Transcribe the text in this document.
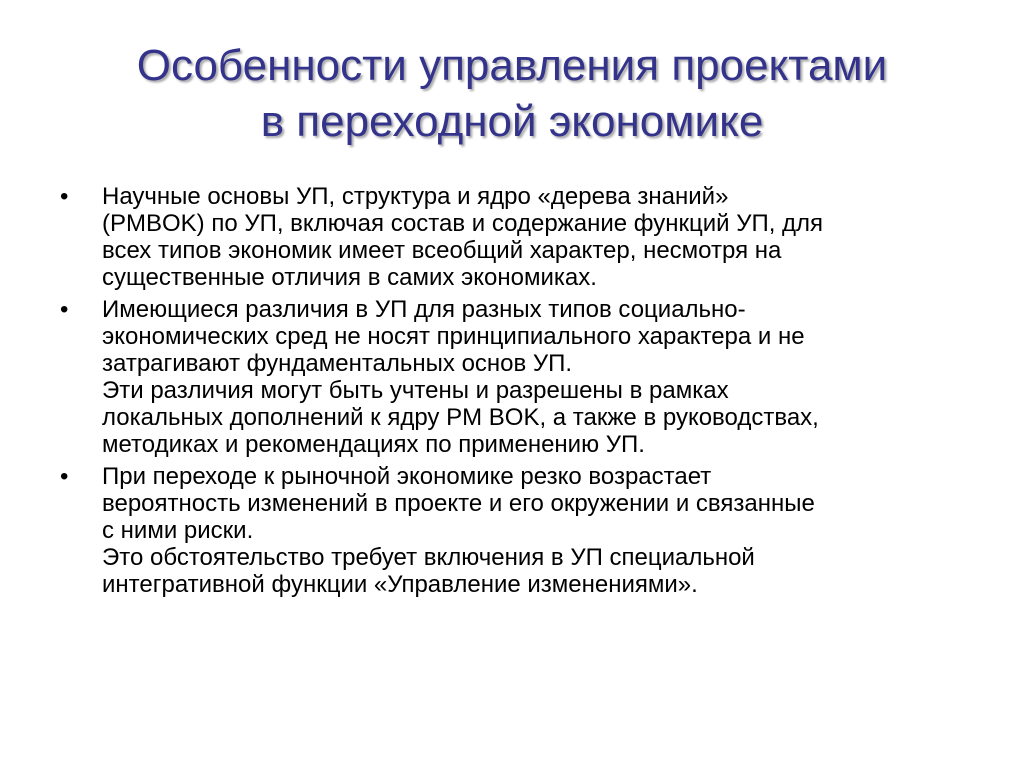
Особенности управления проектами
в переходной экономике
• Научные основы УП, структура и ядро «дерева знаний»
(PMBOK) по УП, включая состав и содержание функций УП, для
всех типов экономик имеет всеобщий характер, несмотря на
существенные отличия в самих экономиках.
• Имеющиеся различия в УП для разных типов социально-
экономических сред не носят принципиального характера и не
затрагивают фундаментальных основ УП.
Эти различия могут быть учтены и разрешены в рамках
локальных дополнений к ядру PM BOK, а также в руководствах,
методиках и рекомендациях по применению УП.
• При переходе к рыночной экономике резко возрастает
вероятность изменений в проекте и его окружении и связанные
с ними риски.
Это обстоятельство требует включения в УП специальной
интегративной функции «Управление изменениями».
